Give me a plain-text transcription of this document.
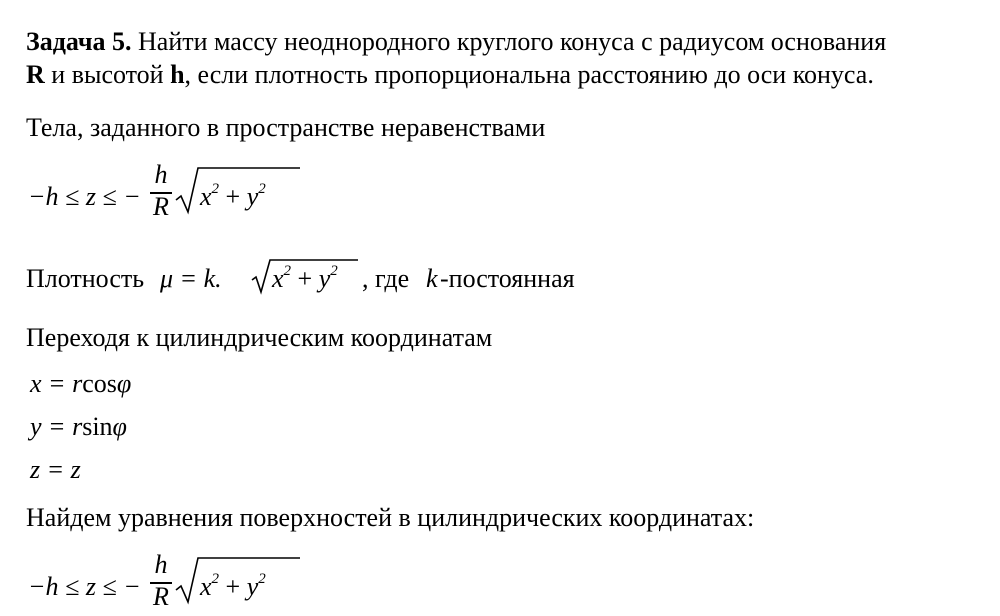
Задача 5. Найти массу неоднородного круглого конуса с радиусом основания
R и высотой h, если плотность пропорциональна расстоянию до оси конуса.
Тела, заданного в пространстве неравенствами
−h ≤ z ≤ −
h
R $x^2 + y^2$
Плотность μ = k. $x^2 + y^2$ , где k -постоянная
Переходя к цилиндрическим координатам
x = rcosφ
y = rsinφ
z = z
Найдем уравнения поверхностей в цилиндрических координатах:
−h ≤ z ≤ −
h
R $x^2 + y^2$
